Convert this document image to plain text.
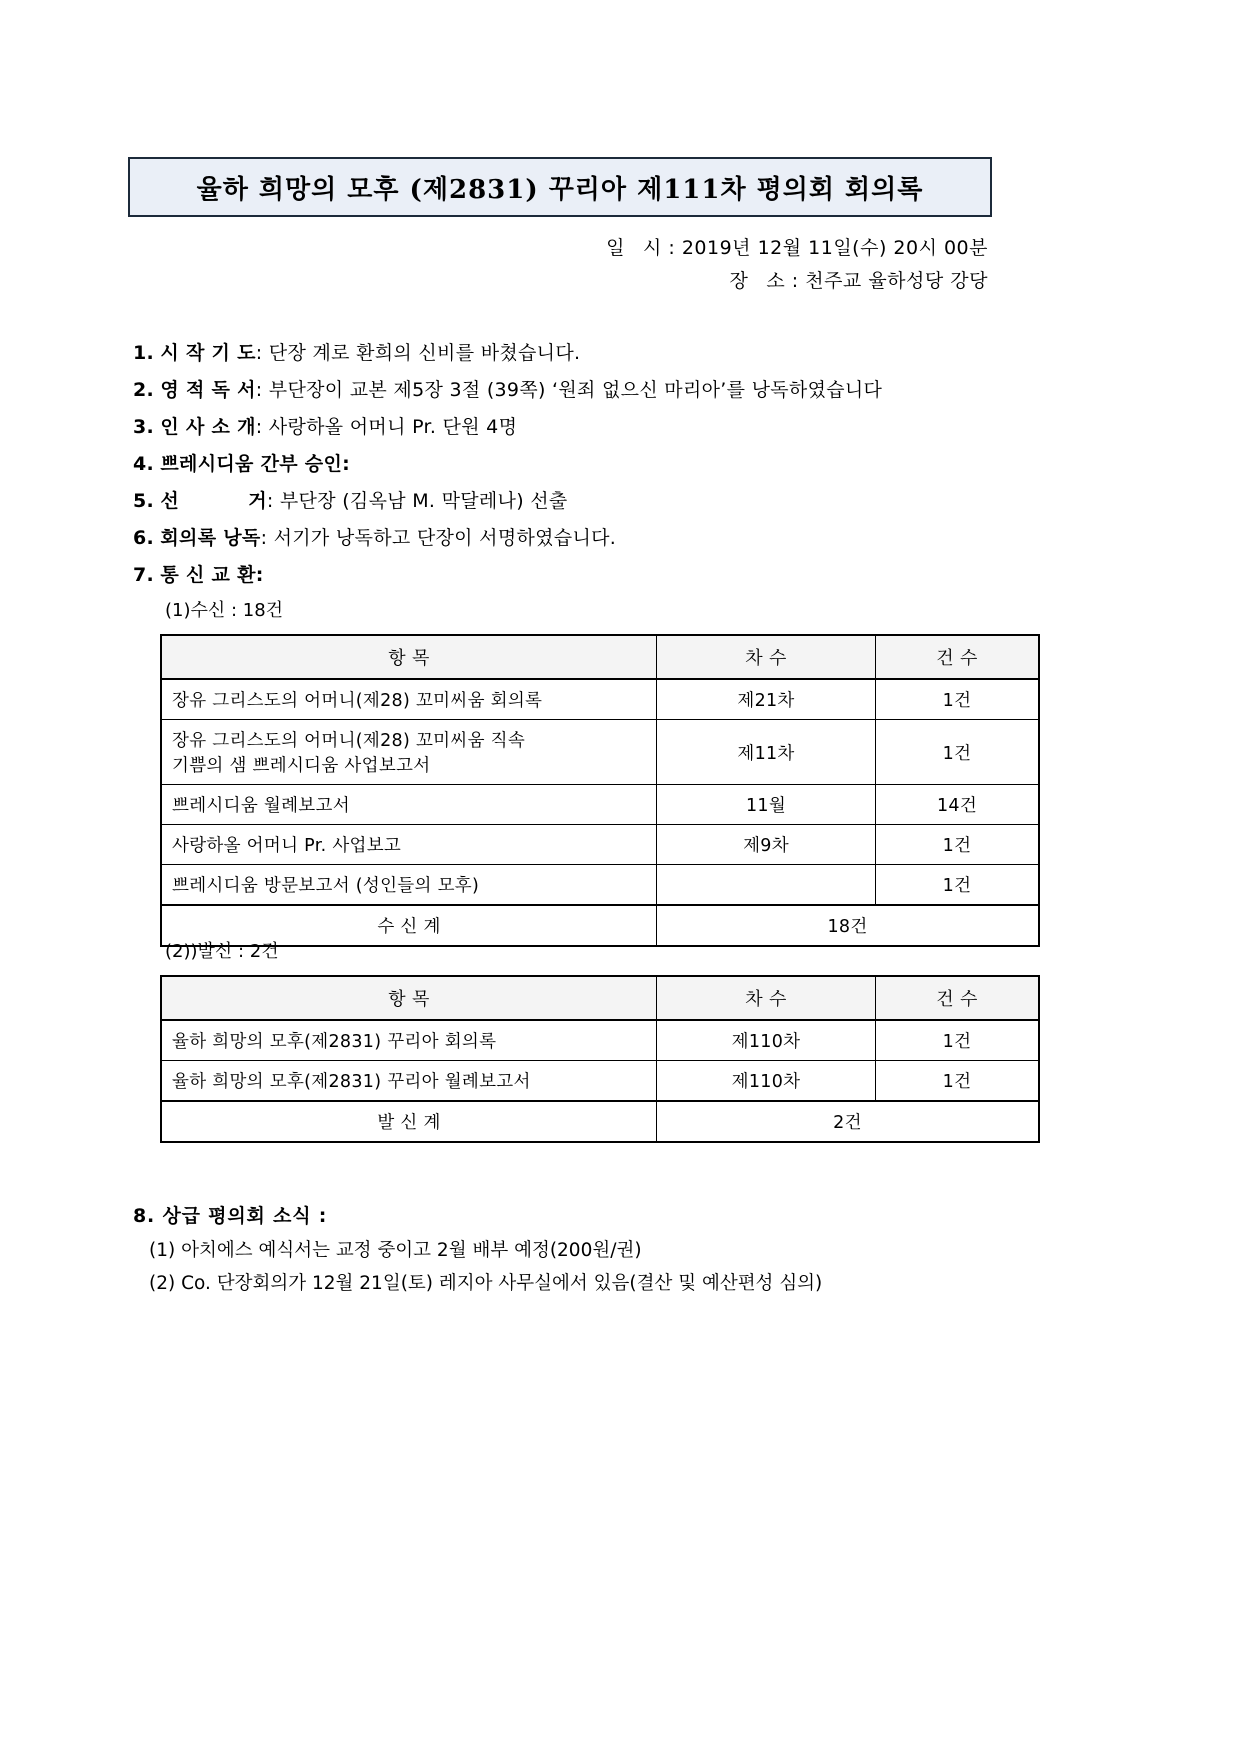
율하 희망의 모후 (제2831) 꾸리아 제111차 평의회 회의록
일 시 : 2019년 12월 11일(수) 20시 00분
장 소 : 천주교 율하성당 강당
1. 시 작 기 도: 단장 계로 환희의 신비를 바쳤습니다.
2. 영 적 독 서: 부단장이 교본 제5장 3절 (39쪽) ‘원죄 없으신 마리아’를 낭독하였습니다
3. 인 사 소 개: 사랑하올 어머니 Pr. 단원 4명
4. 쁘레시디움 간부 승인:
5. 선          거: 부단장 (김옥남 M. 막달레나) 선출
6. 회의록 낭독: 서기가 낭독하고 단장이 서명하였습니다.
7. 통 신 교 환:
(1)수신 : 18건
항 목	차 수	건 수
장유 그리스도의 어머니(제28) 꼬미씨움 회의록	제21차	1건

장유 그리스도의 어머니(제28) 꼬미씨움 직속
기쁨의 샘 쁘레시디움 사업보고서	제11차	1건
쁘레시디움 월례보고서	11월	14건
사랑하올 어머니 Pr. 사업보고	제9차	1건
쁘레시디움 방문보고서 (성인들의 모후)		1건
수 신 계	18건	
(2))발신 : 2건
항 목	차 수	건 수
율하 희망의 모후(제2831) 꾸리아 회의록	제110차	1건
율하 희망의 모후(제2831) 꾸리아 월례보고서	제110차	1건
발 신 계	2건	
8. 상급 평의회 소식 :
(1) 아치에스 예식서는 교정 중이고 2월 배부 예정(200원/권)
(2) Co. 단장회의가 12월 21일(토) 레지아 사무실에서 있음(결산 및 예산편성 심의)
